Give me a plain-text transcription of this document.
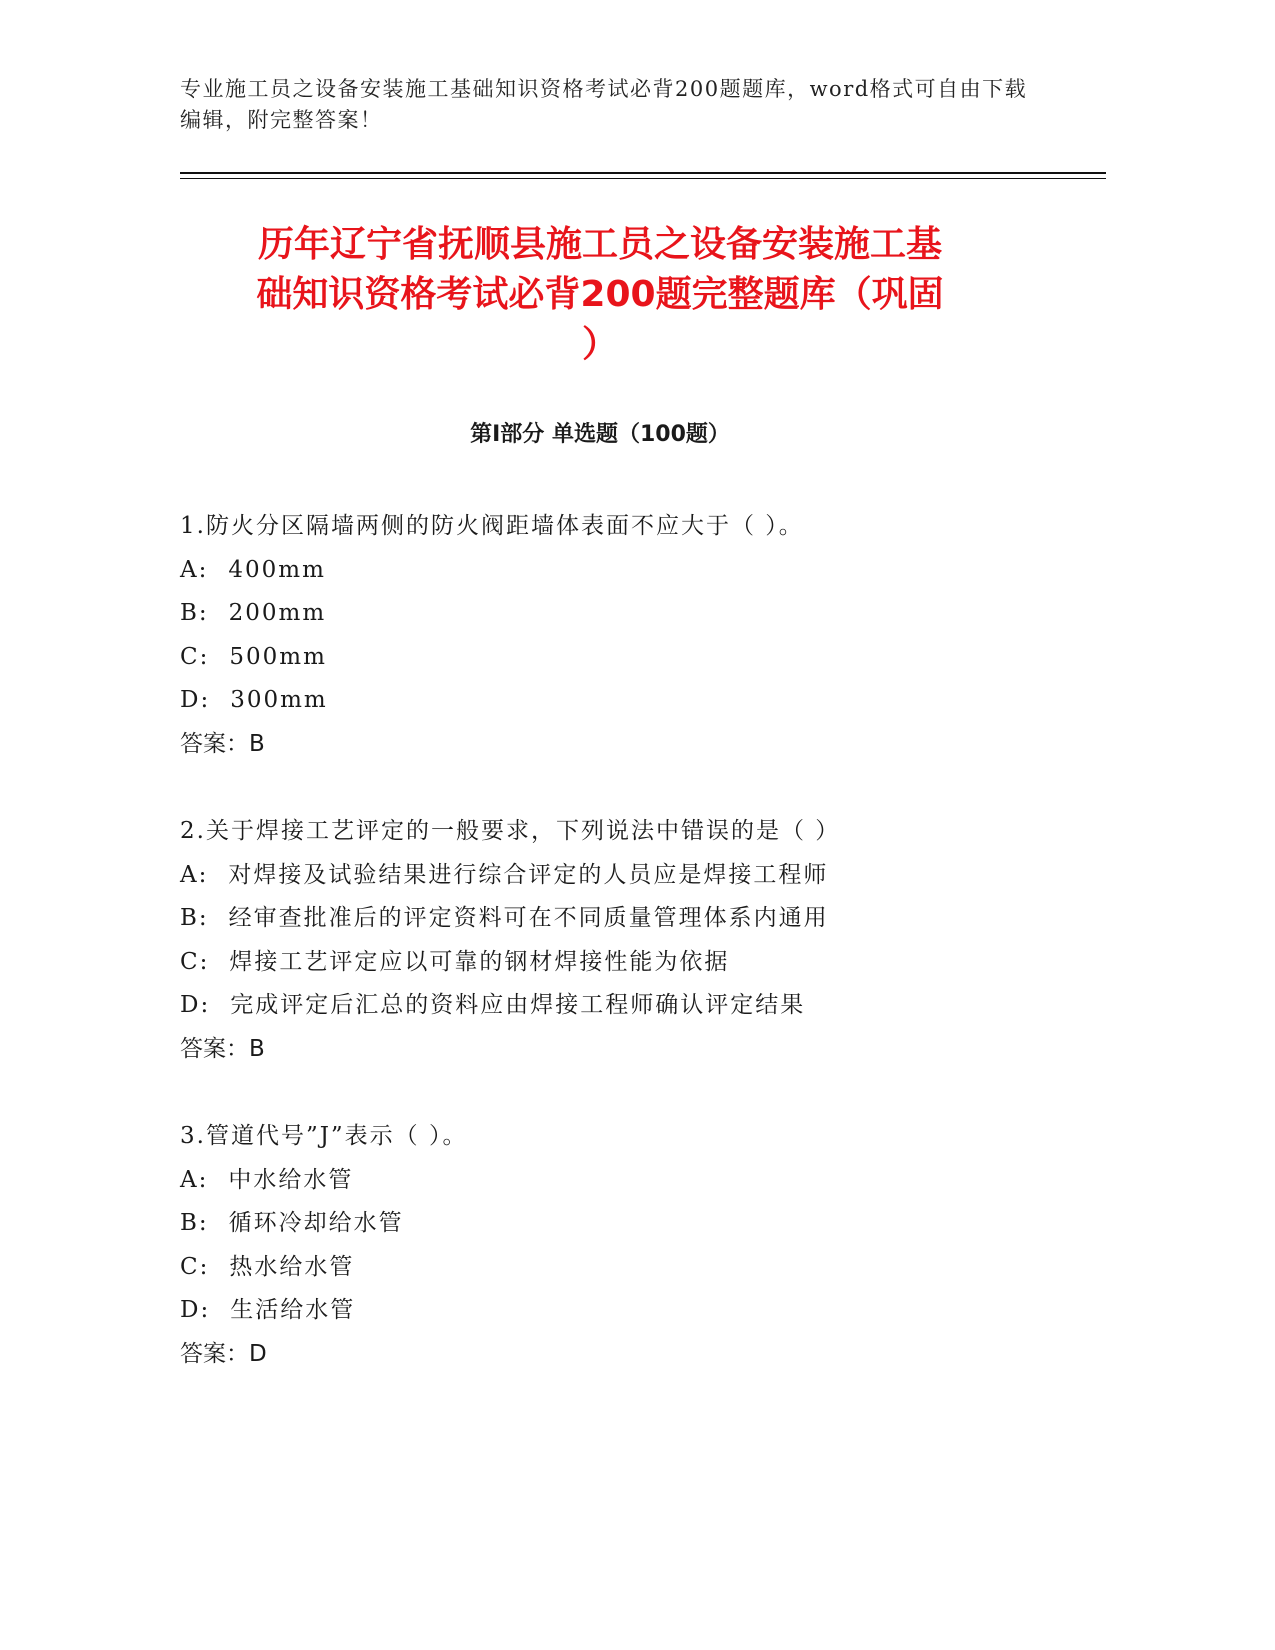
专业施工员之设备安装施工基础知识资格考试必背200题题库，word格式可自由下载编辑，附完整答案！
历年辽宁省抚顺县施工员之设备安装施工基
础知识资格考试必背200题完整题库（巩固
）
第I部分 单选题（100题）
1.防火分区隔墙两侧的防火阀距墙体表面不应大于（ ）。
A: 400mm
B: 200mm
C: 500mm
D: 300mm
答案：B
2.关于焊接工艺评定的一般要求，下列说法中错误的是（ ）
A: 对焊接及试验结果进行综合评定的人员应是焊接工程师
B: 经审查批准后的评定资料可在不同质量管理体系内通用
C: 焊接工艺评定应以可靠的钢材焊接性能为依据
D: 完成评定后汇总的资料应由焊接工程师确认评定结果
答案：B
3.管道代号”J”表示（ ）。
A: 中水给水管
B: 循环冷却给水管
C: 热水给水管
D: 生活给水管
答案：D
